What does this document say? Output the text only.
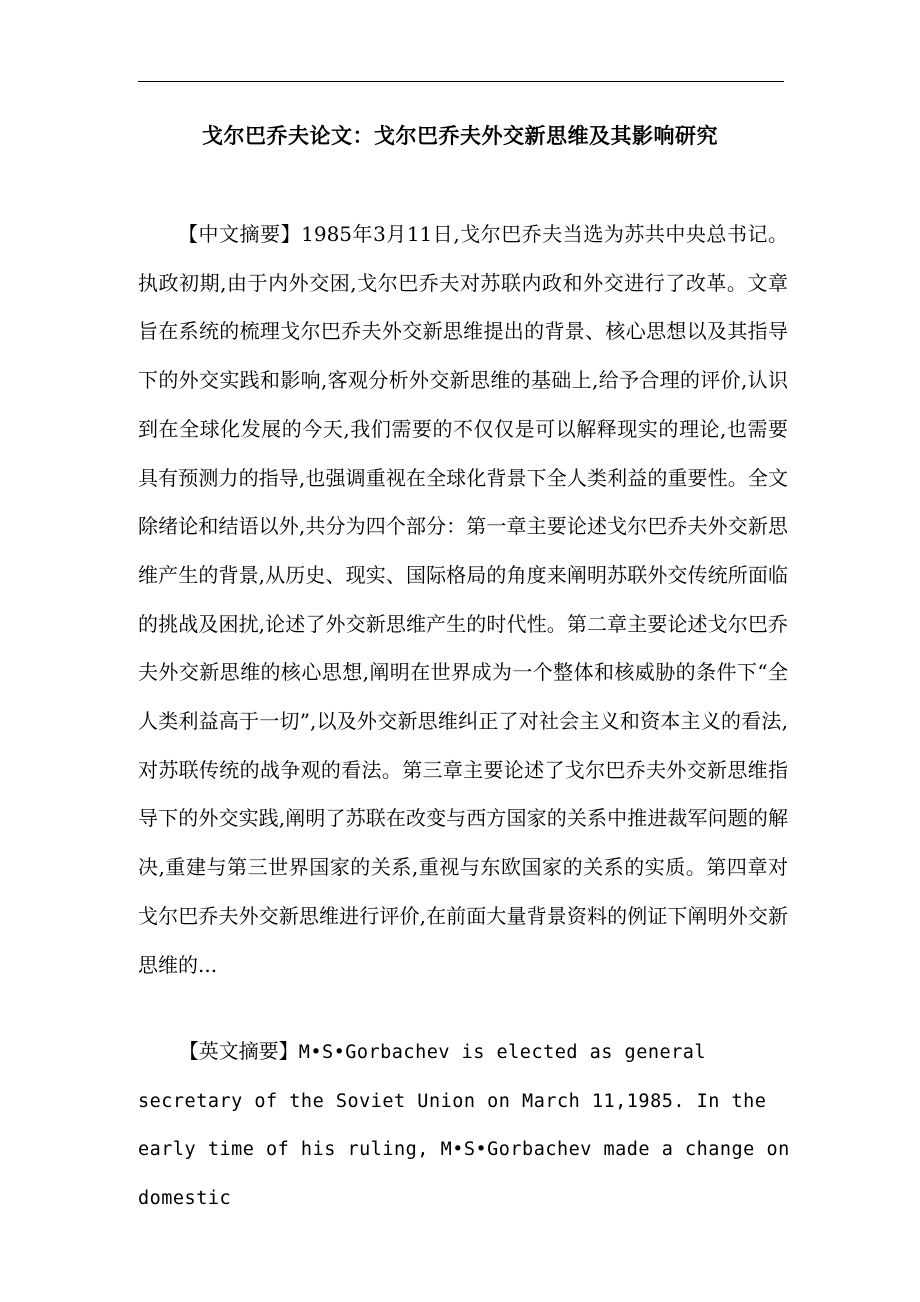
戈尔巴乔夫论文：戈尔巴乔夫外交新思维及其影响研究

【中文摘要】1985年3月11日,戈尔巴乔夫当选为苏共中央总书记。执政初期,由于内外交困,戈尔巴乔夫对苏联内政和外交进行了改革。文章旨在系统的梳理戈尔巴乔夫外交新思维提出的背景、核心思想以及其指导下的外交实践和影响,客观分析外交新思维的基础上,给予合理的评价,认识到在全球化发展的今天,我们需要的不仅仅是可以解释现实的理论,也需要具有预测力的指导,也强调重视在全球化背景下全人类利益的重要性。全文除绪论和结语以外,共分为四个部分：第一章主要论述戈尔巴乔夫外交新思维产生的背景,从历史、现实、国际格局的角度来阐明苏联外交传统所面临的挑战及困扰,论述了外交新思维产生的时代性。第二章主要论述戈尔巴乔夫外交新思维的核心思想,阐明在世界成为一个整体和核威胁的条件下“全人类利益高于一切”,以及外交新思维纠正了对社会主义和资本主义的看法,对苏联传统的战争观的看法。第三章主要论述了戈尔巴乔夫外交新思维指导下的外交实践,阐明了苏联在改变与西方国家的关系中推进裁军问题的解决,重建与第三世界国家的关系,重视与东欧国家的关系的实质。第四章对戈尔巴乔夫外交新思维进行评价,在前面大量背景资料的例证下阐明外交新思维的...

【英文摘要】M•S•Gorbachev is elected as general secretary of the Soviet Union on March 11,1985. In the early time of his ruling, M•S•Gorbachev made a change on domestic
